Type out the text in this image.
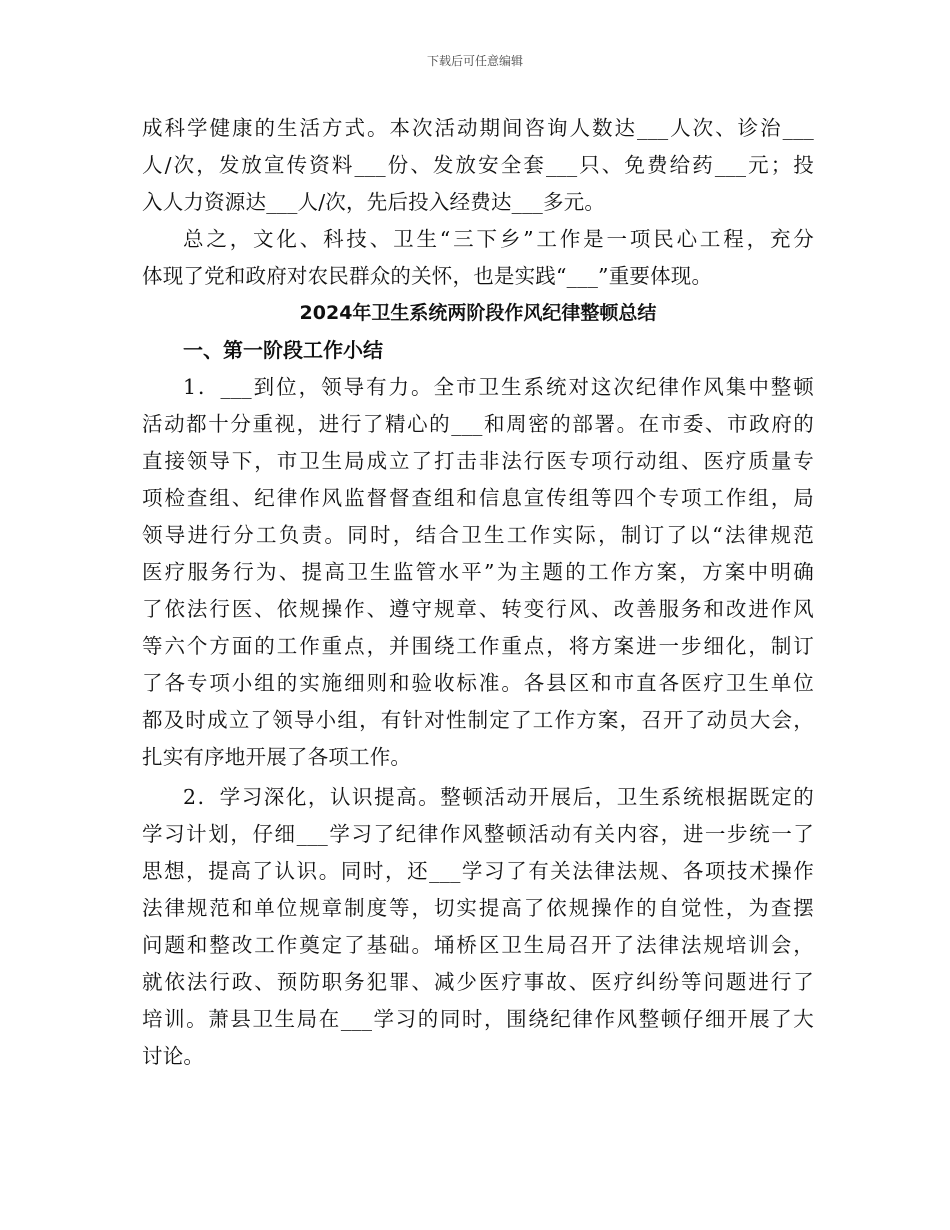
下载后可任意编辑
成科学健康的生活方式。本次活动期间咨询人数达___人次、诊治___
人/次，发放宣传资料___份、发放安全套___只、免费给药___元；投
入人力资源达___人/次，先后投入经费达___多元。
总之，文化、科技、卫生“三下乡”工作是一项民心工程，充分
体现了党和政府对农民群众的关怀，也是实践“___”重要体现。
2024年卫生系统两阶段作风纪律整顿总结
一、第一阶段工作小结
1．___到位，领导有力。全市卫生系统对这次纪律作风集中整顿
活动都十分重视，进行了精心的___和周密的部署。在市委、市政府的
直接领导下，市卫生局成立了打击非法行医专项行动组、医疗质量专
项检查组、纪律作风监督督查组和信息宣传组等四个专项工作组，局
领导进行分工负责。同时，结合卫生工作实际，制订了以“法律规范
医疗服务行为、提高卫生监管水平”为主题的工作方案，方案中明确
了依法行医、依规操作、遵守规章、转变行风、改善服务和改进作风
等六个方面的工作重点，并围绕工作重点，将方案进一步细化，制订
了各专项小组的实施细则和验收标准。各县区和市直各医疗卫生单位
都及时成立了领导小组，有针对性制定了工作方案，召开了动员大会，
扎实有序地开展了各项工作。
2．学习深化，认识提高。整顿活动开展后，卫生系统根据既定的
学习计划，仔细___学习了纪律作风整顿活动有关内容，进一步统一了
思想，提高了认识。同时，还___学习了有关法律法规、各项技术操作
法律规范和单位规章制度等，切实提高了依规操作的自觉性，为查摆
问题和整改工作奠定了基础。埇桥区卫生局召开了法律法规培训会，
就依法行政、预防职务犯罪、减少医疗事故、医疗纠纷等问题进行了
培训。萧县卫生局在___学习的同时，围绕纪律作风整顿仔细开展了大
讨论。
